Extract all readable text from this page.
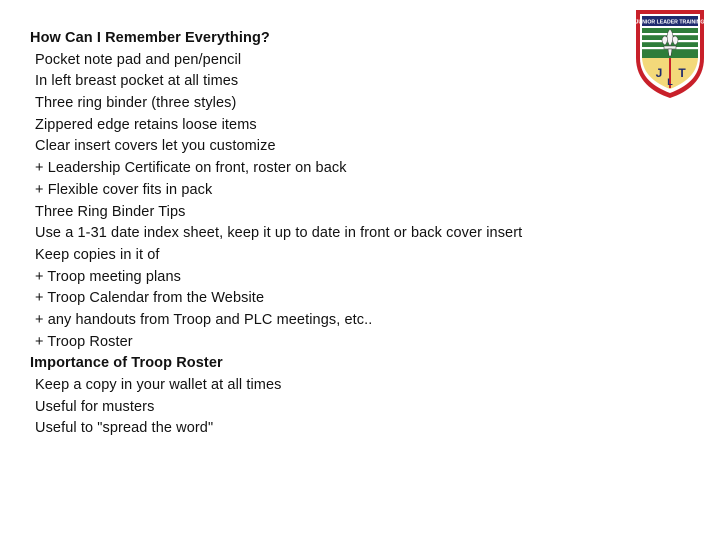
How Can I Remember Everything?
Pocket note pad and pen/pencil
In left breast pocket at all times
Three ring binder (three styles)
Zippered edge retains loose items
Clear insert covers let you customize
+ Leadership Certificate on front, roster on back
+ Flexible cover fits in pack
Three Ring Binder Tips
Use a 1-31 date index sheet, keep it up to date in front or back cover insert
Keep copies in it of
+ Troop meeting plans
+ Troop Calendar from the Website
+ any handouts from Troop and PLC meetings, etc..
+ Troop Roster
Importance of Troop Roster
Keep a copy in your wallet at all times
Useful for musters
Useful to "spread the word"
JUNIOR LEADER TRAINING
J
L
T
